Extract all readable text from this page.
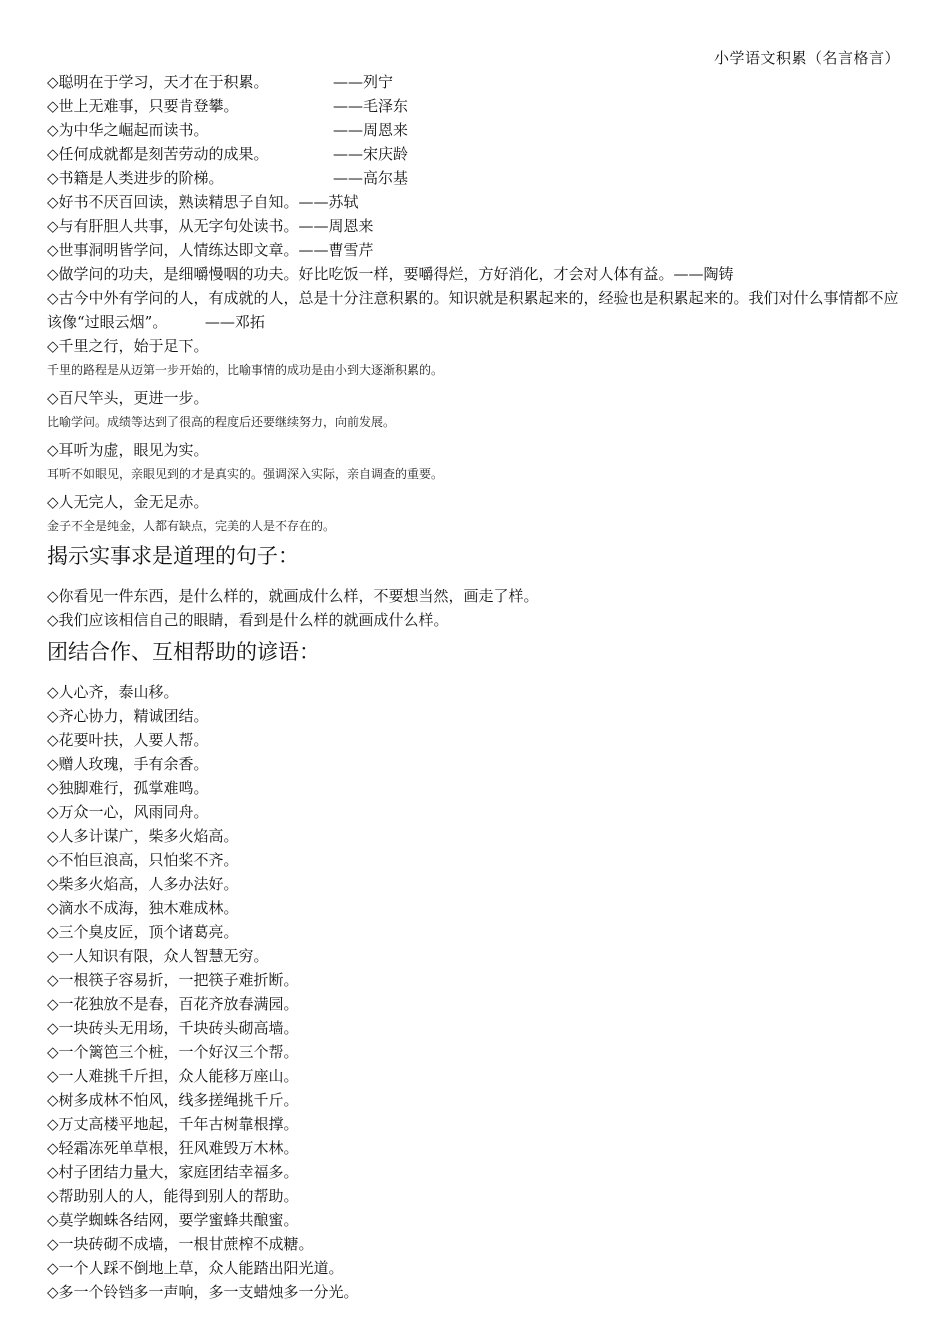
小学语文积累（名言格言）
◇聪明在于学习，天才在于积累。	——列宁
◇世上无难事，只要肯登攀。	——毛泽东
◇为中华之崛起而读书。	——周恩来
◇任何成就都是刻苦劳动的成果。	——宋庆龄
◇书籍是人类进步的阶梯。	——高尔基
◇好书不厌百回读，熟读精思子自知。——苏轼
◇与有肝胆人共事，从无字句处读书。——周恩来
◇世事洞明皆学问，人情练达即文章。——曹雪芹
◇做学问的功夫，是细嚼慢咽的功夫。好比吃饭一样，要嚼得烂，方好消化，才会对人体有益。——陶铸
◇古今中外有学问的人，有成就的人，总是十分注意积累的。知识就是积累起来的，经验也是积累起来的。我们对什么事情都不应该像“过眼云烟”。　　　——邓拓
◇千里之行，始于足下。
千里的路程是从迈第一步开始的，比喻事情的成功是由小到大逐渐积累的。
◇百尺竿头，更进一步。
比喻学问。成绩等达到了很高的程度后还要继续努力，向前发展。
◇耳听为虚，眼见为实。
耳听不如眼见，亲眼见到的才是真实的。强调深入实际，亲自调查的重要。
◇人无完人，金无足赤。
金子不全是纯金，人都有缺点，完美的人是不存在的。
揭示实事求是道理的句子：
◇你看见一件东西，是什么样的，就画成什么样，不要想当然，画走了样。
◇我们应该相信自己的眼睛，看到是什么样的就画成什么样。
团结合作、互相帮助的谚语：
◇人心齐，泰山移。
◇齐心协力，精诚团结。
◇花要叶扶，人要人帮。
◇赠人玫瑰，手有余香。
◇独脚难行，孤掌难鸣。
◇万众一心，风雨同舟。
◇人多计谋广，柴多火焰高。
◇不怕巨浪高，只怕桨不齐。
◇柴多火焰高，人多办法好。
◇滴水不成海，独木难成林。
◇三个臭皮匠，顶个诸葛亮。
◇一人知识有限，众人智慧无穷。
◇一根筷子容易折，一把筷子难折断。
◇一花独放不是春，百花齐放春满园。
◇一块砖头无用场，千块砖头砌高墙。
◇一个篱笆三个桩，一个好汉三个帮。
◇一人难挑千斤担，众人能移万座山。
◇树多成林不怕风，线多搓绳挑千斤。
◇万丈高楼平地起，千年古树靠根撑。
◇轻霜冻死单草根，狂风难毁万木林。
◇村子团结力量大，家庭团结幸福多。
◇帮助别人的人，能得到别人的帮助。
◇莫学蜘蛛各结网，要学蜜蜂共酿蜜。
◇一块砖砌不成墙，一根甘蔗榨不成糖。
◇一个人踩不倒地上草，众人能踏出阳光道。
◇多一个铃铛多一声响，多一支蜡烛多一分光。
